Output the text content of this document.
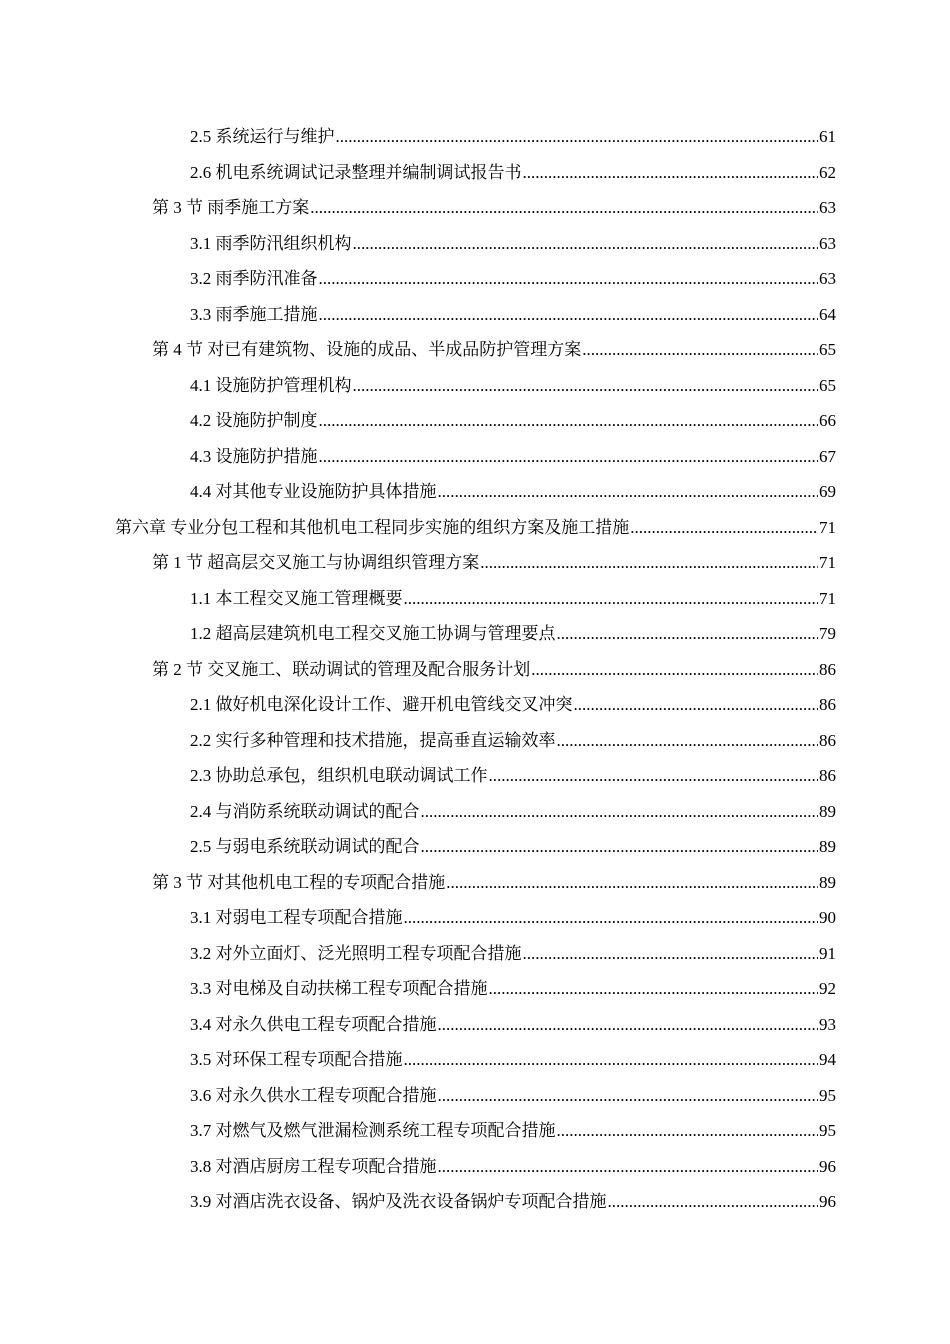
2.5 系统运行与维护 .....	61
2.6 机电系统调试记录整理并编制调试报告书 .....	62
第 3 节 雨季施工方案 .....	63
3.1 雨季防汛组织机构 .....	63
3.2 雨季防汛准备 .....	63
3.3 雨季施工措施 .....	64
第 4 节 对已有建筑物、设施的成品、半成品防护管理方案 .....	65
4.1 设施防护管理机构 .....	65
4.2 设施防护制度 .....	66
4.3 设施防护措施 .....	67
4.4 对其他专业设施防护具体措施 .....	69
第六章 专业分包工程和其他机电工程同步实施的组织方案及施工措施 .....	71
第 1 节 超高层交叉施工与协调组织管理方案 .....	71
1.1 本工程交叉施工管理概要 .....	71
1.2 超高层建筑机电工程交叉施工协调与管理要点 .....	79
第 2 节 交叉施工、联动调试的管理及配合服务计划 .....	86
2.1 做好机电深化设计工作、避开机电管线交叉冲突 .....	86
2.2 实行多种管理和技术措施，提高垂直运输效率 .....	86
2.3 协助总承包，组织机电联动调试工作 .....	86
2.4 与消防系统联动调试的配合 .....	89
2.5 与弱电系统联动调试的配合 .....	89
第 3 节 对其他机电工程的专项配合措施 .....	89
3.1 对弱电工程专项配合措施 .....	90
3.2 对外立面灯、泛光照明工程专项配合措施 .....	91
3.3 对电梯及自动扶梯工程专项配合措施 .....	92
3.4 对永久供电工程专项配合措施 .....	93
3.5 对环保工程专项配合措施 .....	94
3.6 对永久供水工程专项配合措施 .....	95
3.7 对燃气及燃气泄漏检测系统工程专项配合措施 .....	95
3.8 对酒店厨房工程专项配合措施 .....	96
3.9 对酒店洗衣设备、锅炉及洗衣设备锅炉专项配合措施 .....	96
